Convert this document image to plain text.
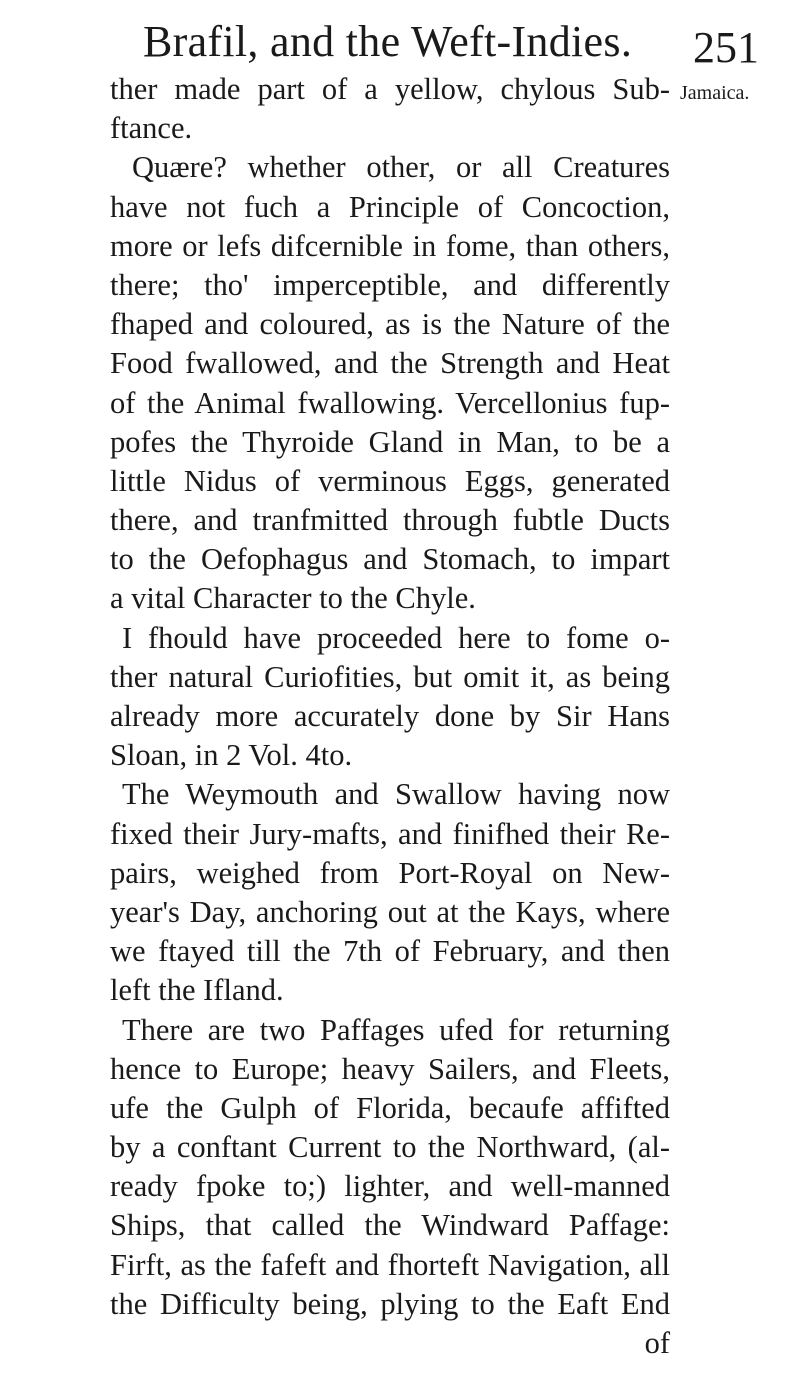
Brafil, and the Weft-Indies. 251
Jamaica.
ther made part of a yellow, chylous Sub-
ftance.
Quære? whether other, or all Creatures
have not fuch a Principle of Concoction,
more or lefs difcernible in fome, than others,
there; tho' imperceptible, and differently
fhaped and coloured, as is the Nature of the
Food fwallowed, and the Strength and Heat
of the Animal fwallowing. Vercellonius fup-
pofes the Thyroide Gland in Man, to be a
little Nidus of verminous Eggs, generated
there, and tranfmitted through fubtle Ducts
to the Oefophagus and Stomach, to impart
a vital Character to the Chyle.
I fhould have proceeded here to fome o-
ther natural Curiofities, but omit it, as being
already more accurately done by Sir Hans
Sloan, in 2 Vol. 4to.
The Weymouth and Swallow having now
fixed their Jury-mafts, and finifhed their Re-
pairs, weighed from Port-Royal on New-
year's Day, anchoring out at the Kays, where
we ftayed till the 7th of February, and then
left the Ifland.
There are two Paffages ufed for returning
hence to Europe; heavy Sailers, and Fleets,
ufe the Gulph of Florida, becaufe affifted
by a conftant Current to the Northward, (al-
ready fpoke to;) lighter, and well-manned
Ships, that called the Windward Paffage:
Firft, as the fafeft and fhorteft Navigation, all
the Difficulty being, plying to the Eaft End
of
